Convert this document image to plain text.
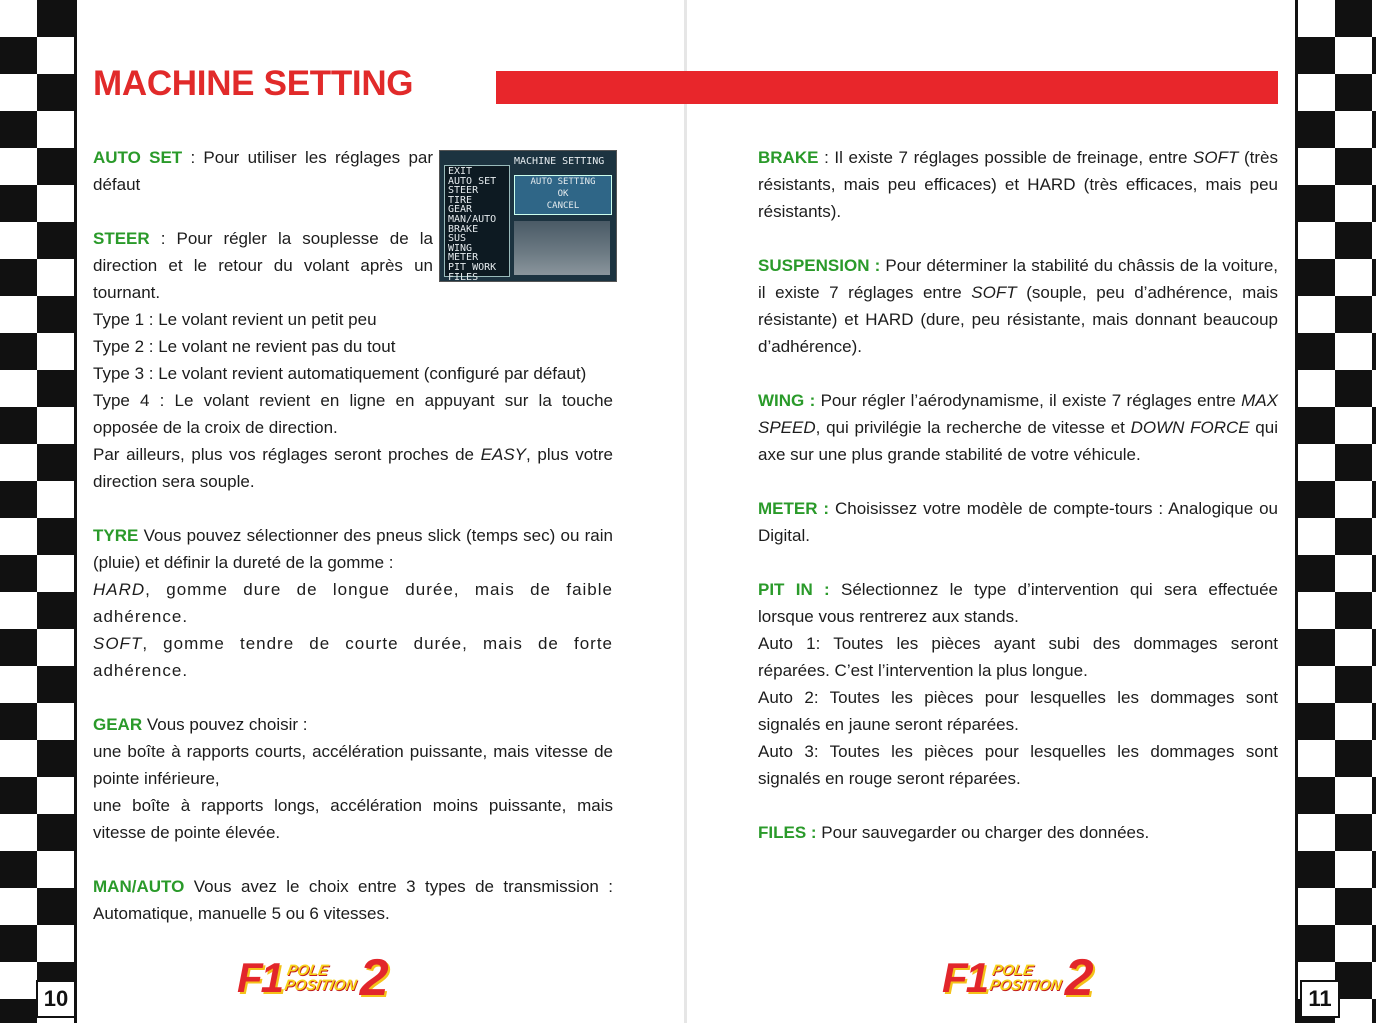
MACHINE SETTING
EXIT
AUTO SET
STEER
TIRE
GEAR
MAN/AUTO
BRAKE
SUS
WING
METER
PIT WORK
FILES
MACHINE SETTING
AUTO SETTING
OK
CANCEL

AUTO SET : Pour utiliser les réglages par défaut

STEER : Pour régler la souplesse de la direction et le retour du volant après un tournant.

Type 1 : Le volant revient un petit peu

Type 2 : Le volant ne revient pas du tout

Type 3 : Le volant revient automatiquement (configuré par défaut)

Type 4 : Le volant revient en ligne en appuyant sur la touche opposée de la croix de direction.

Par ailleurs, plus vos réglages seront proches de EASY, plus votre direction sera souple.

TYRE Vous pouvez sélectionner des pneus slick (temps sec) ou rain (pluie) et définir la dureté de la gomme :

HARD, gomme dure de longue durée, mais de faible adhérence.

SOFT, gomme tendre de courte durée, mais de forte adhérence.

GEAR Vous pouvez choisir :

une boîte à rapports courts, accélération puissante, mais vitesse de pointe inférieure,

une boîte à rapports longs, accélération moins puissante, mais vitesse de pointe élevée.

MAN/AUTO Vous avez le choix entre 3 types de transmission : Automatique, manuelle 5 ou 6 vitesses.

F1 POLE
POSITION 2

BRAKE : Il existe 7 réglages possible de freinage, entre SOFT (très résistants, mais peu efficaces) et HARD (très efficaces, mais peu résistants).

SUSPENSION : Pour déterminer la stabilité du châssis de la voiture, il existe 7 réglages entre SOFT (souple, peu d’adhérence, mais résistante) et HARD (dure, peu résistante, mais donnant beaucoup d’adhérence).

WING : Pour régler l’aérodynamisme, il existe 7 réglages entre MAX SPEED, qui privilégie la recherche de vitesse et DOWN FORCE qui axe sur une plus grande stabilité de votre véhicule.

METER : Choisissez votre modèle de compte-tours : Analogique ou Digital.

PIT IN : Sélectionnez le type d’intervention qui sera effectuée lorsque vous rentrerez aux stands.

Auto 1: Toutes les pièces ayant subi des dommages seront réparées. C’est l’intervention la plus longue.

Auto 2: Toutes les pièces pour lesquelles les dommages sont signalés en jaune seront réparées.

Auto 3: Toutes les pièces pour lesquelles les dommages sont signalés en rouge seront réparées.

FILES : Pour sauvegarder ou charger des données.

F1 POLE
POSITION 2
10	11
